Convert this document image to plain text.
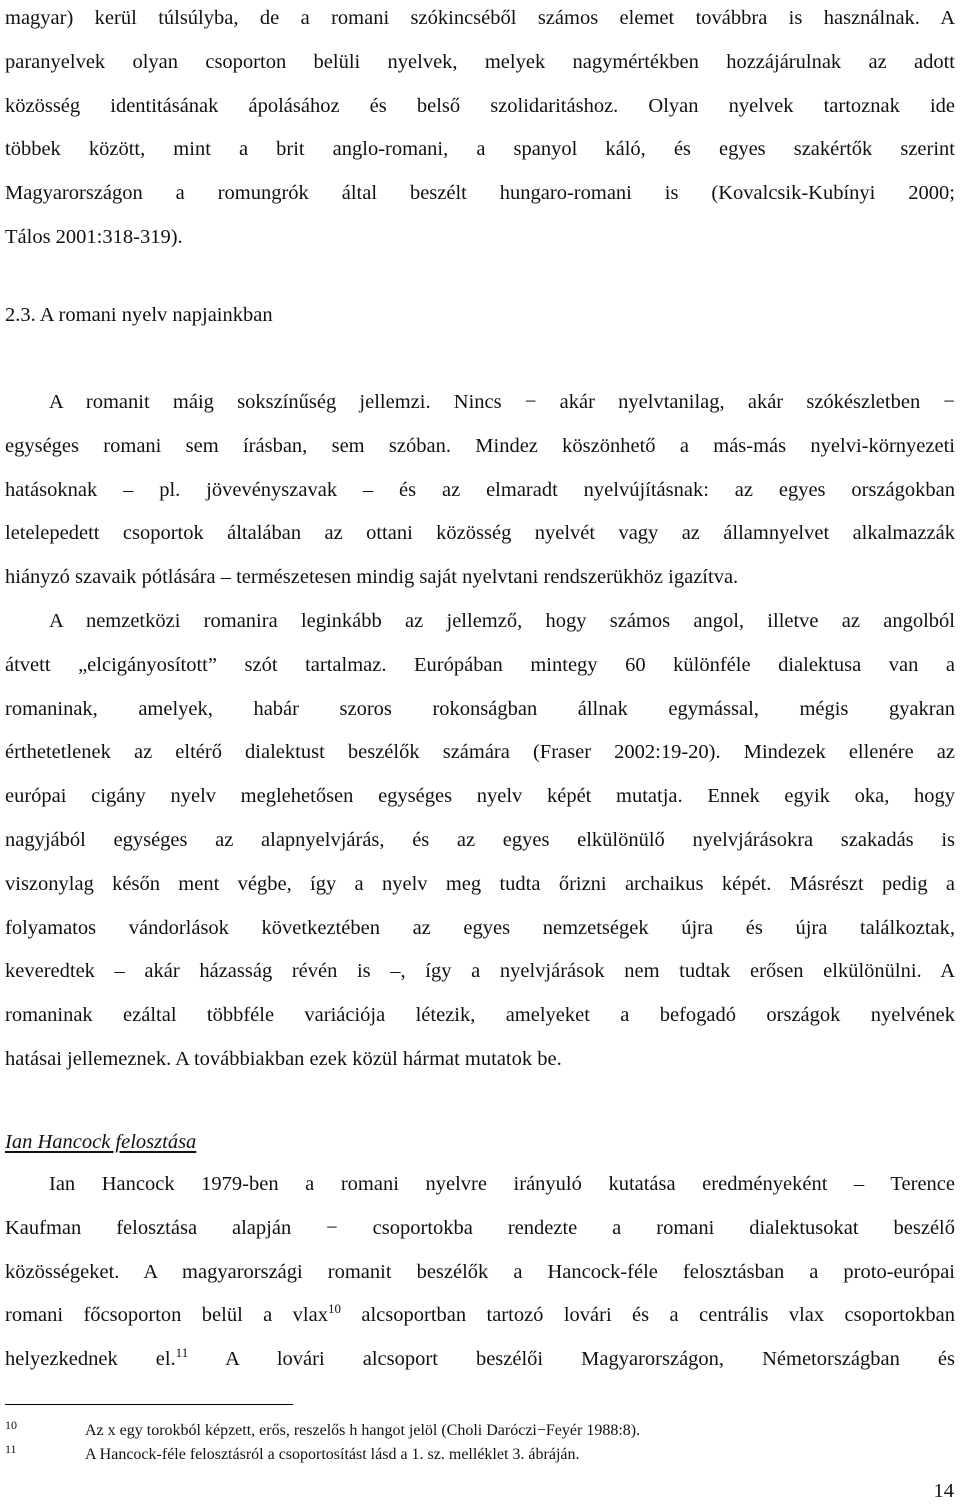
magyar) kerül túlsúlyba, de a romani szókincséből számos elemet továbbra is használnak. A
paranyelvek olyan csoporton belüli nyelvek, melyek nagymértékben hozzájárulnak az adott
közösség identitásának ápolásához és belső szolidaritáshoz. Olyan nyelvek tartoznak ide
többek között, mint a brit anglo-romani, a spanyol káló, és egyes szakértők szerint
Magyarországon a romungrók által beszélt hungaro-romani is (Kovalcsik-Kubínyi 2000;
Tálos 2001:318-319).
2.3. A romani nyelv napjainkban
A romanit máig sokszínűség jellemzi. Nincs − akár nyelvtanilag, akár szókészletben −
egységes romani sem írásban, sem szóban. Mindez köszönhető a más-más nyelvi-környezeti
hatásoknak – pl. jövevényszavak – és az elmaradt nyelvújításnak: az egyes országokban
letelepedett csoportok általában az ottani közösség nyelvét vagy az államnyelvet alkalmazzák
hiányzó szavaik pótlására – természetesen mindig saját nyelvtani rendszerükhöz igazítva.
A nemzetközi romanira leginkább az jellemző, hogy számos angol, illetve az angolból
átvett „elcigányosított” szót tartalmaz. Európában mintegy 60 különféle dialektusa van a
romaninak, amelyek, habár szoros rokonságban állnak egymással, mégis gyakran
érthetetlenek az eltérő dialektust beszélők számára (Fraser 2002:19-20). Mindezek ellenére az
európai cigány nyelv meglehetősen egységes nyelv képét mutatja. Ennek egyik oka, hogy
nagyjából egységes az alapnyelvjárás, és az egyes elkülönülő nyelvjárásokra szakadás is
viszonylag későn ment végbe, így a nyelv meg tudta őrizni archaikus képét. Másrészt pedig a
folyamatos vándorlások következtében az egyes nemzetségek újra és újra találkoztak,
keveredtek – akár házasság révén is –, így a nyelvjárások nem tudtak erősen elkülönülni. A
romaninak ezáltal többféle variációja létezik, amelyeket a befogadó országok nyelvének
hatásai jellemeznek. A továbbiakban ezek közül hármat mutatok be.
Ian Hancock felosztása
Ian Hancock 1979-ben a romani nyelvre irányuló kutatása eredményeként – Terence
Kaufman felosztása alapján − csoportokba rendezte a romani dialektusokat beszélő
közösségeket. A magyarországi romanit beszélők a Hancock-féle felosztásban a proto-európai
romani főcsoporton belül a vlax$^{10}$ alcsoportban tartozó lovári és a centrális vlax csoportokban
helyezkednek el.$^{11}$ A lovári alcsoport beszélői Magyarországon, Németországban és
10	Az x egy torokból képzett, erős, reszelős h hangot jelöl (Choli Daróczi−Feyér 1988:8).
11	A Hancock-féle felosztásról a csoportosítást lásd a 1. sz. melléklet 3. ábráján.
14
